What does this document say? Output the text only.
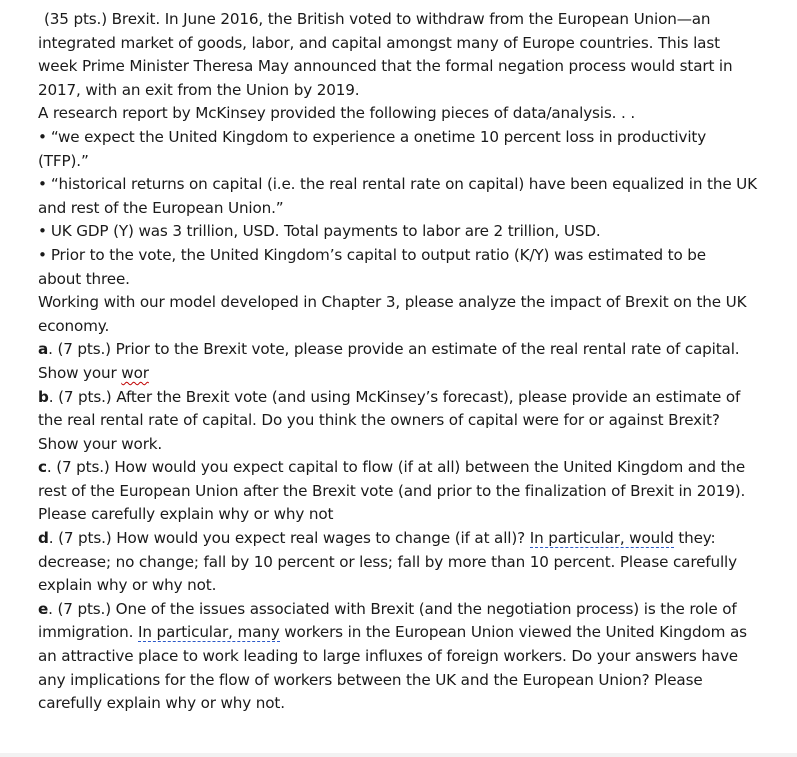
(35 pts.) Brexit. In June 2016, the British voted to withdraw from the European Union—an
integrated market of goods, labor, and capital amongst many of Europe countries. This last
week Prime Minister Theresa May announced that the formal negation process would start in
2017, with an exit from the Union by 2019.
A research report by McKinsey provided the following pieces of data/analysis. . .
• “we expect the United Kingdom to experience a onetime 10 percent loss in productivity
(TFP).”
• “historical returns on capital (i.e. the real rental rate on capital) have been equalized in the UK
and rest of the European Union.”
• UK GDP (Y) was 3 trillion, USD. Total payments to labor are 2 trillion, USD.
• Prior to the vote, the United Kingdom’s capital to output ratio (K/Y) was estimated to be
about three.
Working with our model developed in Chapter 3, please analyze the impact of Brexit on the UK
economy.
a. (7 pts.) Prior to the Brexit vote, please provide an estimate of the real rental rate of capital.
Show your wor
b. (7 pts.) After the Brexit vote (and using McKinsey’s forecast), please provide an estimate of
the real rental rate of capital. Do you think the owners of capital were for or against Brexit?
Show your work.
c. (7 pts.) How would you expect capital to flow (if at all) between the United Kingdom and the
rest of the European Union after the Brexit vote (and prior to the finalization of Brexit in 2019).
Please carefully explain why or why not
d. (7 pts.) How would you expect real wages to change (if at all)? In particular, would they:
decrease; no change; fall by 10 percent or less; fall by more than 10 percent. Please carefully
explain why or why not.
e. (7 pts.) One of the issues associated with Brexit (and the negotiation process) is the role of
immigration. In particular, many workers in the European Union viewed the United Kingdom as
an attractive place to work leading to large influxes of foreign workers. Do your answers have
any implications for the flow of workers between the UK and the European Union? Please
carefully explain why or why not.
